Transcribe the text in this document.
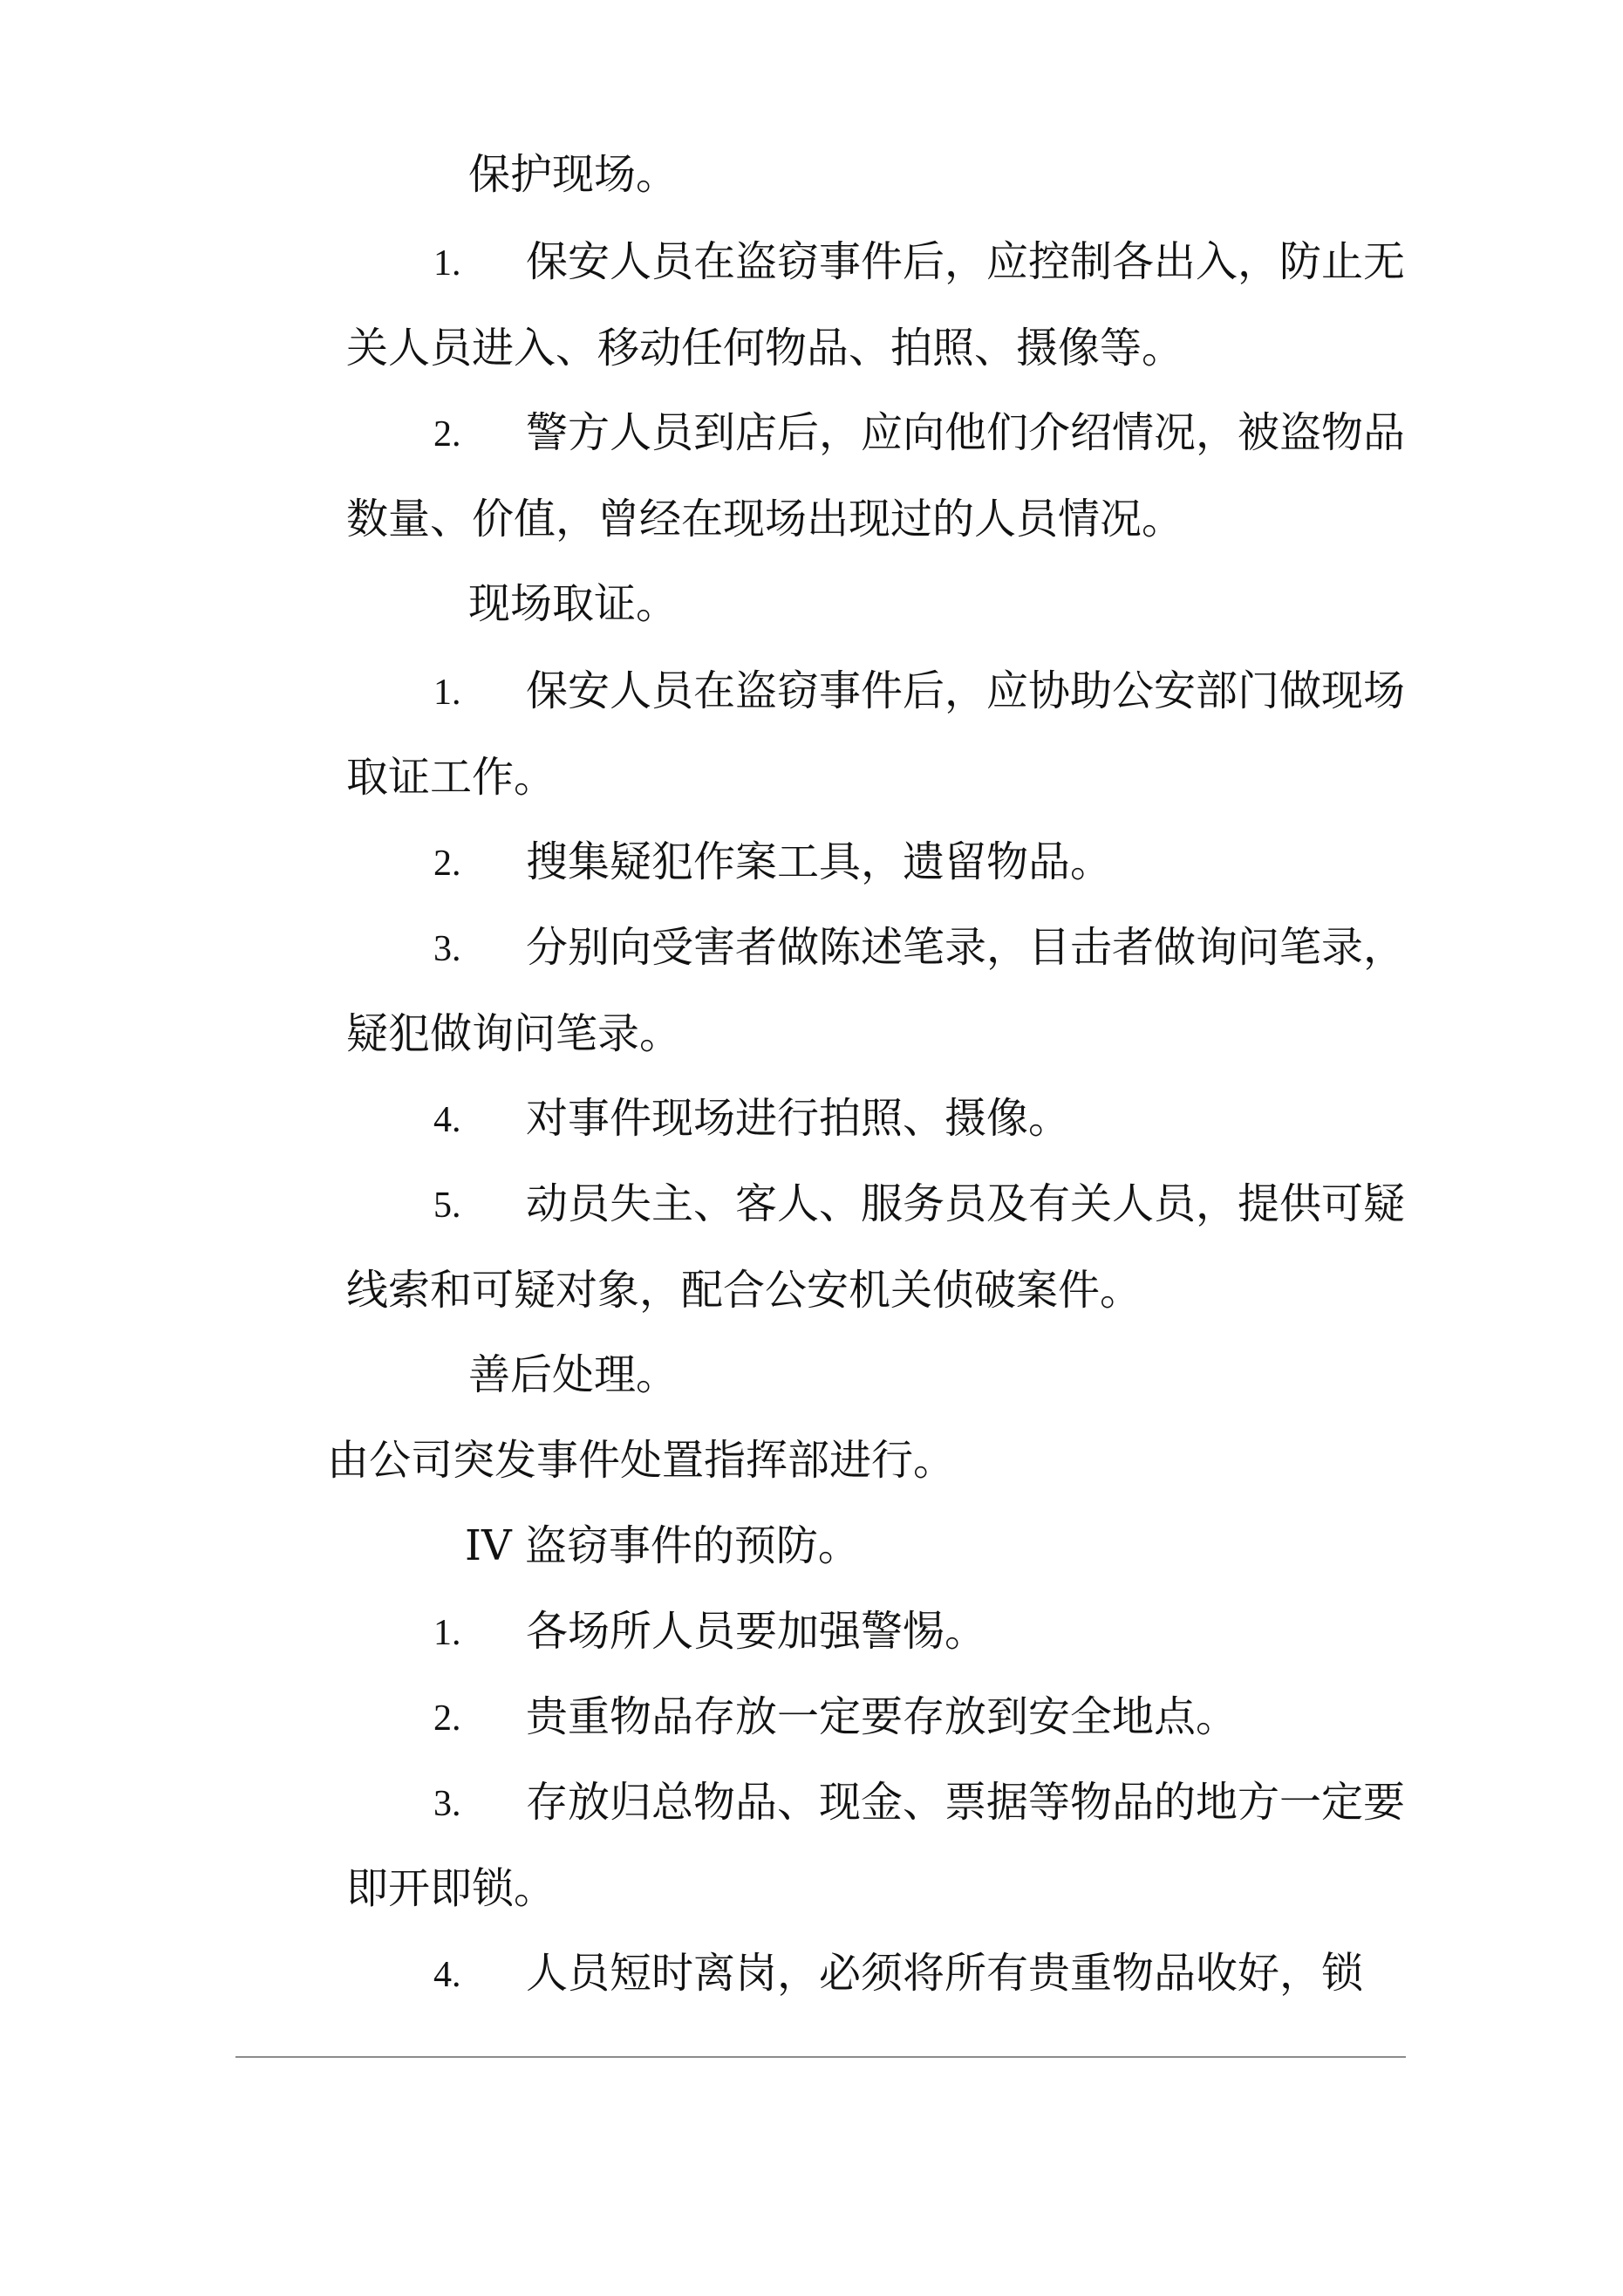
保护现场。
1. 保安人员在盗窃事件后，应控制各出入，防止无
关人员进入、移动任何物品、拍照、摄像等。
2. 警方人员到店后，应向他们介绍情况，被盗物品
数量、价值，曾经在现场出现过的人员情况。
现场取证。
1. 保安人员在盗窃事件后，应协助公安部门做现场
取证工作。
2. 搜集疑犯作案工具，遗留物品。
3. 分别向受害者做陈述笔录，目击者做询问笔录，
疑犯做询问笔录。
4. 对事件现场进行拍照、摄像。
5. 动员失主、客人、服务员及有关人员，提供可疑
线索和可疑对象，配合公安机关侦破案件。
善后处理。
由公司突发事件处置指挥部进行。
IV 盗窃事件的预防。
1. 各场所人员要加强警惕。
2. 贵重物品存放一定要存放到安全地点。
3. 存放归总物品、现金、票据等物品的地方一定要
即开即锁。
4. 人员短时离岗，必须将所有贵重物品收好，锁
